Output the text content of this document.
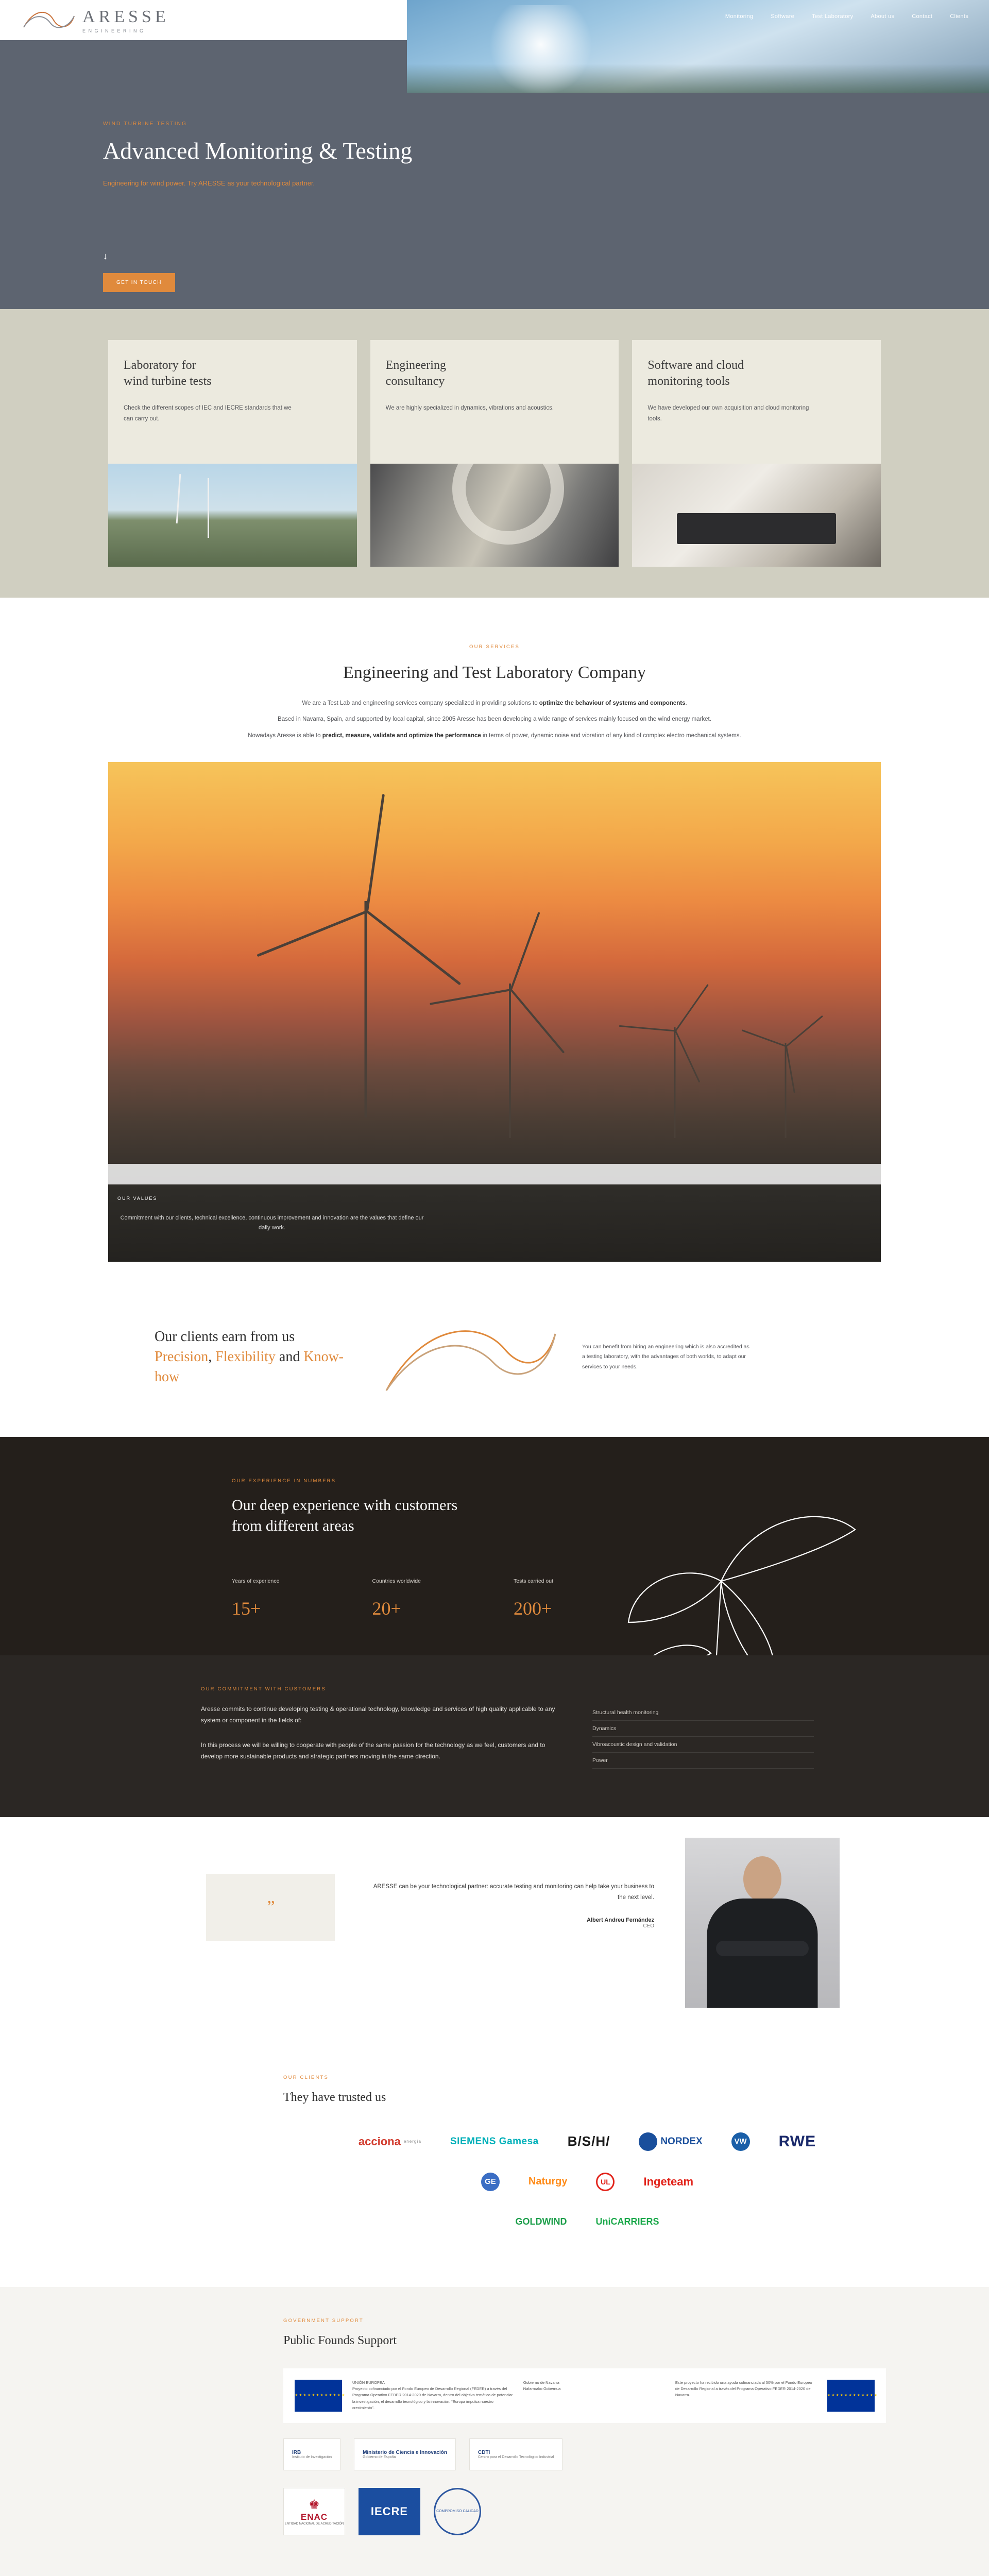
ARESSE
ENGINEERING
Monitoring	Software	Test Laboratory	About us	Contact	Clients
WIND TURBINE TESTING
Advanced Monitoring & Testing
Engineering for wind power. Try ARESSE as your technological partner.
↓
GET IN TOUCH
Laboratory for
wind turbine tests

Check the different scopes of IEC and IECRE standards that we can carry out.

Engineering
consultancy

We are highly specialized in dynamics, vibrations and acoustics.

Software and cloud
monitoring tools

We have developed our own acquisition and cloud monitoring tools.

OUR SERVICES
Engineering and Test Laboratory Company

We are a Test Lab and engineering services company specialized in providing solutions to optimize the behaviour of systems and components.

Based in Navarra, Spain, and supported by local capital, since 2005 Aresse has been developing a wide range of services mainly focused on the wind energy market.

Nowadays Aresse is able to predict, measure, validate and optimize the performance in terms of power, dynamic noise and vibration of any kind of complex electro mechanical systems.

OUR VALUES
Commitment with our clients, technical excellence, continuous improvement and innovation are the values that define our daily work.
Our clients earn from us
Precision, Flexibility and Know-how
You can benefit from hiring an engineering which is also accredited as a testing laboratory, with the advantages of both worlds, to adapt our services to your needs.
OUR EXPERIENCE IN NUMBERS
Our deep experience with customers
from different areas
Years of experience
15+
Countries worldwide
20+
Tests carried out
200+
OUR COMMITMENT WITH CUSTOMERS

Aresse commits to continue developing testing & operational technology, knowledge and services of high quality applicable to any system or component in the fields of:

In this process we will be willing to cooperate with people of the same passion for the technology as we feel, customers and to develop more sustainable products and strategic partners moving in the same direction.

Structural health monitoring
Dynamics
Vibroacoustic design and validation
Power
”

ARESSE can be your technological partner: accurate testing and monitoring can help take your business to the next level.

Albert Andreu Fernández
CEO
OUR CLIENTS
They have trusted us
acciona energía	SIEMENS Gamesa B/S/H/	NORDEX	VW RWE
GE	Naturgy	UL	Ingeteam
GOLDWIND	UniCARRIERS
GOVERNMENT SUPPORT
Public Founds Support
★★★★★★★★★★★★
UNIÓN EUROPEA
Proyecto cofinanciado por el Fondo Europeo de Desarrollo Regional (FEDER) a través del Programa Operativo FEDER 2014-2020 de Navarra, dentro del objetivo temático de potenciar la investigación, el desarrollo tecnológico y la innovación. “Europa impulsa nuestro crecimiento”.
Gobierno de Navarra
Nafarroako Gobernua
Este proyecto ha recibido una ayuda cofinanciada al 50% por el Fondo Europeo de Desarrollo Regional a través del Programa Operativo FEDER 2014-2020 de Navarra.
★★★★★★★★★★★★
IRB
Instituto de Investigación
Ministerio de Ciencia e Innovación
Gobierno de España
CDTI
Centro para el Desarrollo Tecnológico Industrial
♚
ENAC
ENTIDAD NACIONAL DE ACREDITACIÓN
IECRE	COMPROMISO CALIDAD
